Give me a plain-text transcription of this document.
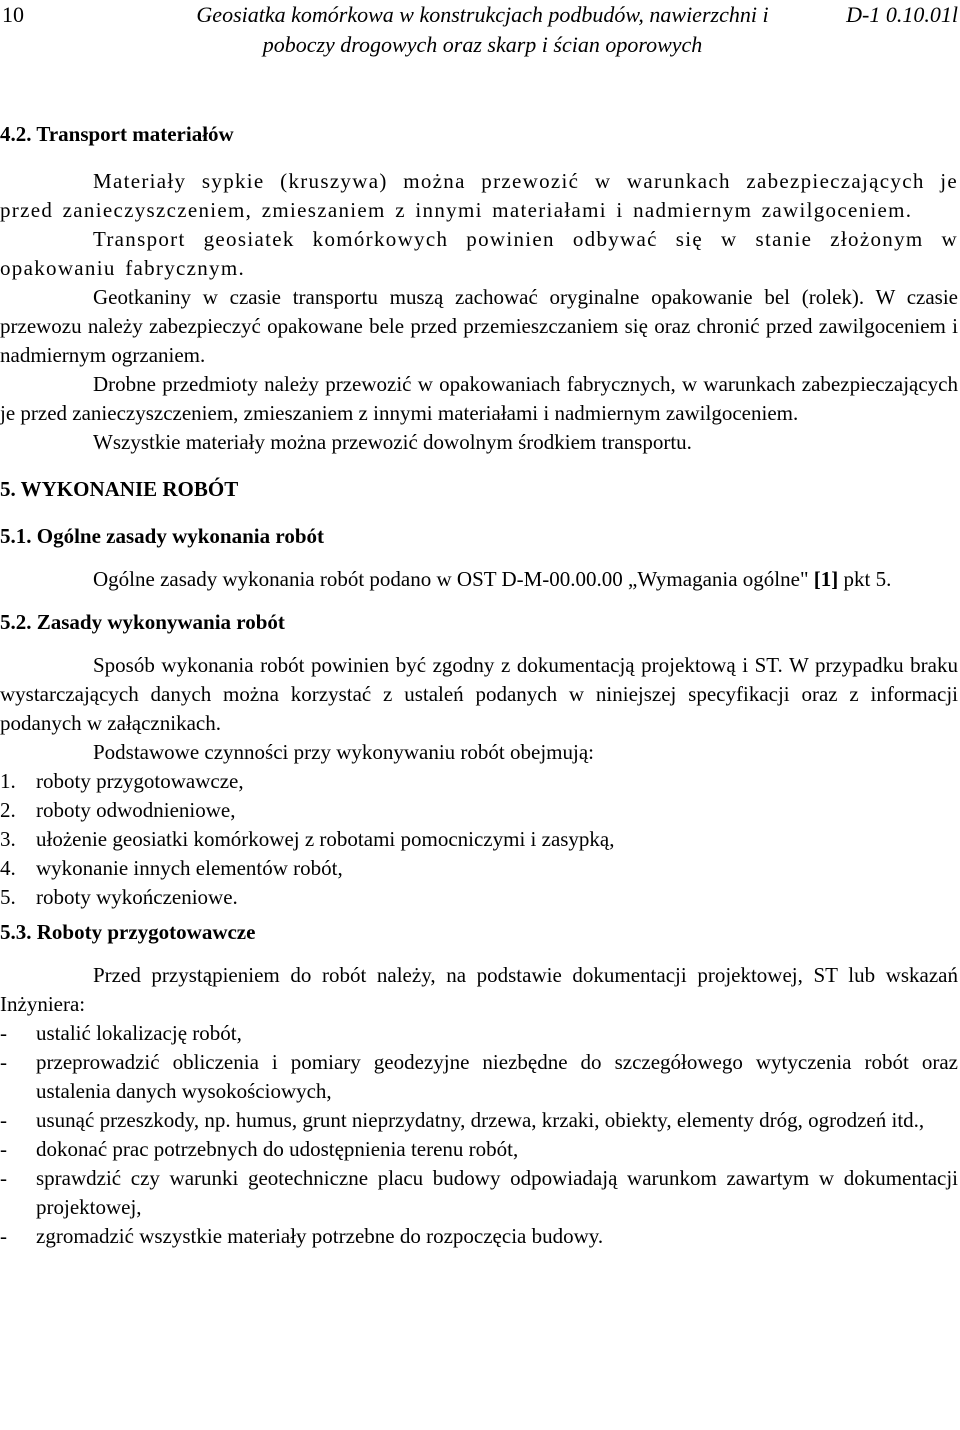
10	Geosiatka komórkowa w konstrukcjach podbudów, nawierzchni i poboczy drogowych oraz skarp i ścian oporowych
D-1 0.10.01l

4.2. Transport materiałów

Materiały sypkie (kruszywa) można przewozić w warunkach zabezpieczających je przed zanieczyszczeniem, zmieszaniem z innymi materiałami i nadmiernym zawilgoceniem.

Transport geosiatek komórkowych powinien odbywać się w stanie złożonym w opakowaniu fabrycznym.

Geotkaniny w czasie transportu muszą zachować oryginalne opakowanie bel (rolek). W czasie przewozu należy zabezpieczyć opakowane bele przed przemieszczaniem się oraz chronić przed zawilgoceniem i nadmiernym ogrzaniem.

Drobne przedmioty należy przewozić w opakowaniach fabrycznych, w warunkach zabezpieczających je przed zanieczyszczeniem, zmieszaniem z innymi materiałami i nadmiernym zawilgoceniem.

Wszystkie materiały można przewozić dowolnym środkiem transportu.

5. WYKONANIE ROBÓT

5.1. Ogólne zasady wykonania robót

Ogólne zasady wykonania robót podano w OST D-M-00.00.00 „Wymagania ogólne" [1] pkt 5.

5.2. Zasady wykonywania robót

Sposób wykonania robót powinien być zgodny z dokumentacją projektową i ST. W przypadku braku wystarczających danych można korzystać z ustaleń podanych w niniejszej specyfikacji oraz z informacji podanych w załącznikach.

Podstawowe czynności przy wykonywaniu robót obejmują:

1. roboty przygotowawcze,
2. roboty odwodnieniowe,
3. ułożenie geosiatki komórkowej z robotami pomocniczymi i zasypką,
4. wykonanie innych elementów robót,
5. roboty wykończeniowe.

5.3. Roboty przygotowawcze

Przed przystąpieniem do robót należy, na podstawie dokumentacji projektowej, ST lub wskazań Inżyniera:

- ustalić lokalizację robót,
- przeprowadzić obliczenia i pomiary geodezyjne niezbędne do szczegółowego wytyczenia robót oraz ustalenia danych wysokościowych,
- usunąć przeszkody, np. humus, grunt nieprzydatny, drzewa, krzaki, obiekty, elementy dróg, ogrodzeń itd.,
- dokonać prac potrzebnych do udostępnienia terenu robót,
- sprawdzić czy warunki geotechniczne placu budowy odpowiadają warunkom zawartym w dokumentacji projektowej,
- zgromadzić wszystkie materiały potrzebne do rozpoczęcia budowy.
